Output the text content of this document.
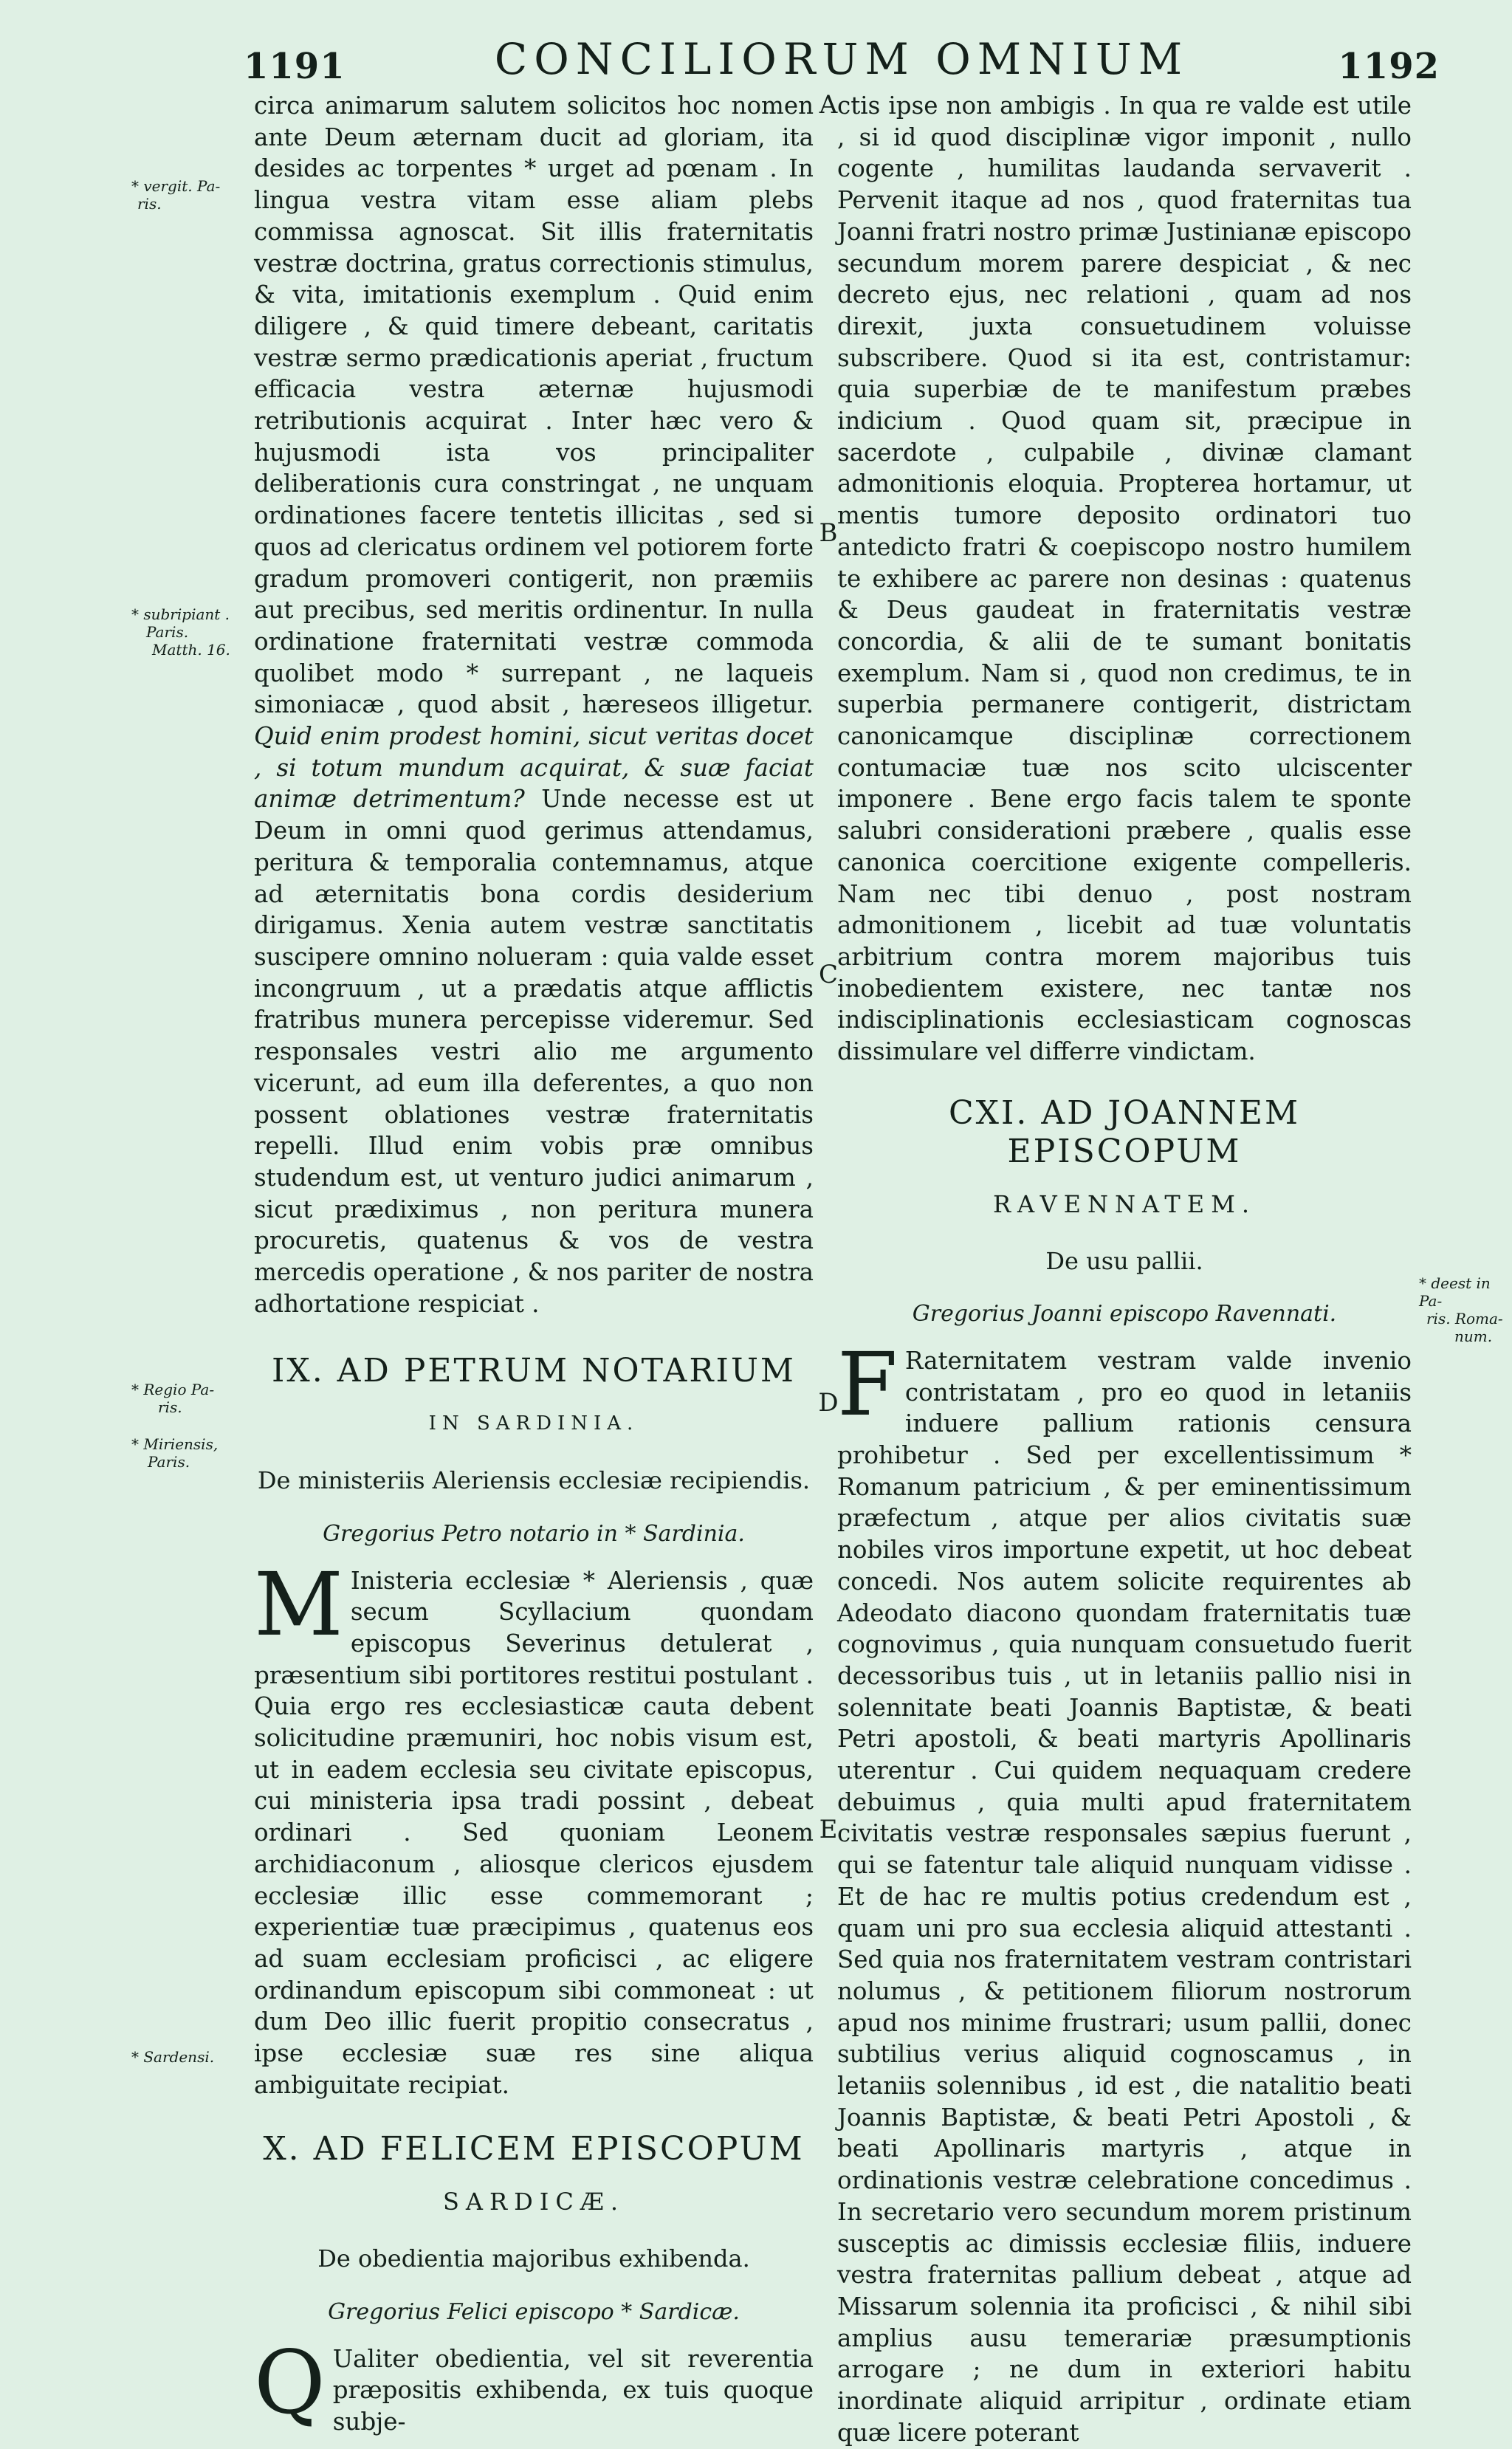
1191	CONCILIORUM OMNIUM	1192
* vergit. Pa-
ris.
* subripiant .
Paris.
Matth. 16.
* Regio Pa-
ris.
* Miriensis,
Paris.
* Sardensi.
* deest in Pa-
ris. Roma-
num.
A
B
C
D
E

circa animarum salutem solicitos hoc nomen ante Deum æternam ducit ad gloriam, ita desides ac torpentes * urget ad pœnam . In lingua vestra vitam esse aliam plebs commissa agnoscat. Sit illis fraternitatis vestræ doctrina, gratus correctionis stimulus, & vita, imitationis exemplum . Quid enim diligere , & quid timere debeant, caritatis vestræ sermo prædicationis aperiat , fructum efficacia vestra æternæ hujusmodi retributionis acquirat . Inter hæc vero & hujusmodi ista vos principaliter deliberationis cura constringat , ne unquam ordinationes facere tentetis illicitas , sed si quos ad clericatus ordinem vel potiorem forte gradum promoveri contigerit, non præmiis aut precibus, sed meritis ordinentur. In nulla ordinatione fraternitati vestræ commoda quolibet modo * surrepant , ne laqueis simoniacæ , quod absit , hæreseos illigetur. Quid enim prodest homini, sicut veritas docet , si totum mundum acquirat, & suæ faciat animæ detrimentum? Unde necesse est ut Deum in omni quod gerimus attendamus, peritura & temporalia contemnamus, atque ad æternitatis bona cordis desiderium dirigamus. Xenia autem vestræ sanctitatis suscipere omnino nolueram : quia valde esset incongruum , ut a prædatis atque afflictis fratribus munera percepisse videremur. Sed responsales vestri alio me argumento vicerunt, ad eum illa deferentes, a quo non possent oblationes vestræ fraternitatis repelli. Illud enim vobis præ omnibus studendum est, ut venturo judici animarum , sicut prædiximus , non peritura munera procuretis, quatenus & vos de vestra mercedis operatione , & nos pariter de nostra adhortatione respiciat .

IX. AD PETRUM NOTARIUM
IN SARDINIA.
De ministeriis Aleriensis ecclesiæ recipiendis.
Gregorius Petro notario in * Sardinia.

M Inisteria ecclesiæ * Aleriensis , quæ secum Scyllacium quondam episcopus Severinus detulerat , præsentium sibi portitores restitui postulant . Quia ergo res ecclesiasticæ cauta debent solicitudine præmuniri, hoc nobis visum est, ut in eadem ecclesia seu civitate episcopus, cui ministeria ipsa tradi possint , debeat ordinari . Sed quoniam Leonem archidiaconum , aliosque clericos ejusdem ecclesiæ illic esse commemorant ; experientiæ tuæ præcipimus , quatenus eos ad suam ecclesiam proficisci , ac eligere ordinandum episcopum sibi commoneat : ut dum Deo illic fuerit propitio consecratus , ipse ecclesiæ suæ res sine aliqua ambiguitate recipiat.

X. AD FELICEM EPISCOPUM
SARDICÆ.
De obedientia majoribus exhibenda.
Gregorius Felici episcopo * Sardicæ.

Q Ualiter obedientia, vel sit reverentia præpositis exhibenda, ex tuis quoque subje-

ctis ipse non ambigis . In qua re valde est utile , si id quod disciplinæ vigor imponit , nullo cogente , humilitas laudanda servaverit . Pervenit itaque ad nos , quod fraternitas tua Joanni fratri nostro primæ Justinianæ episcopo secundum morem parere despiciat , & nec decreto ejus, nec relationi , quam ad nos direxit, juxta consuetudinem voluisse subscribere. Quod si ita est, contristamur: quia superbiæ de te manifestum præbes indicium . Quod quam sit, præcipue in sacerdote , culpabile , divinæ clamant admonitionis eloquia. Propterea hortamur, ut mentis tumore deposito ordinatori tuo antedicto fratri & coepiscopo nostro humilem te exhibere ac parere non desinas : quatenus & Deus gaudeat in fraternitatis vestræ concordia, & alii de te sumant bonitatis exemplum. Nam si , quod non credimus, te in superbia permanere contigerit, districtam canonicamque disciplinæ correctionem contumaciæ tuæ nos scito ulciscenter imponere . Bene ergo facis talem te sponte salubri considerationi præbere , qualis esse canonica coercitione exigente compelleris. Nam nec tibi denuo , post nostram admonitionem , licebit ad tuæ voluntatis arbitrium contra morem majoribus tuis inobedientem existere, nec tantæ nos indisciplinationis ecclesiasticam cognoscas dissimulare vel differre vindictam.

CXI. AD JOANNEM EPISCOPUM
RAVENNATEM.
De usu pallii.
Gregorius Joanni episcopo Ravennati.

F Raternitatem vestram valde invenio contristatam , pro eo quod in letaniis induere pallium rationis censura prohibetur . Sed per excellentissimum * Romanum patricium , & per eminentissimum præfectum , atque per alios civitatis suæ nobiles viros importune expetit, ut hoc debeat concedi. Nos autem solicite requirentes ab Adeodato diacono quondam fraternitatis tuæ cognovimus , quia nunquam consuetudo fuerit decessoribus tuis , ut in letaniis pallio nisi in solennitate beati Joannis Baptistæ, & beati Petri apostoli, & beati martyris Apollinaris uterentur . Cui quidem nequaquam credere debuimus , quia multi apud fraternitatem civitatis vestræ responsales sæpius fuerunt , qui se fatentur tale aliquid nunquam vidisse . Et de hac re multis potius credendum est , quam uni pro sua ecclesia aliquid attestanti . Sed quia nos fraternitatem vestram contristari nolumus , & petitionem filiorum nostrorum apud nos minime frustrari; usum pallii, donec subtilius verius aliquid cognoscamus , in letaniis solennibus , id est , die natalitio beati Joannis Baptistæ, & beati Petri Apostoli , & beati Apollinaris martyris , atque in ordinationis vestræ celebratione concedimus . In secretario vero secundum morem pristinum susceptis ac dimissis ecclesiæ filiis, induere vestra fraternitas pallium debeat , atque ad Missarum solennia ita proficisci , & nihil sibi amplius ausu temerariæ præsumptionis arrogare ; ne dum in exteriori habitu inordinate aliquid arripitur , ordinate etiam quæ licere poterant
